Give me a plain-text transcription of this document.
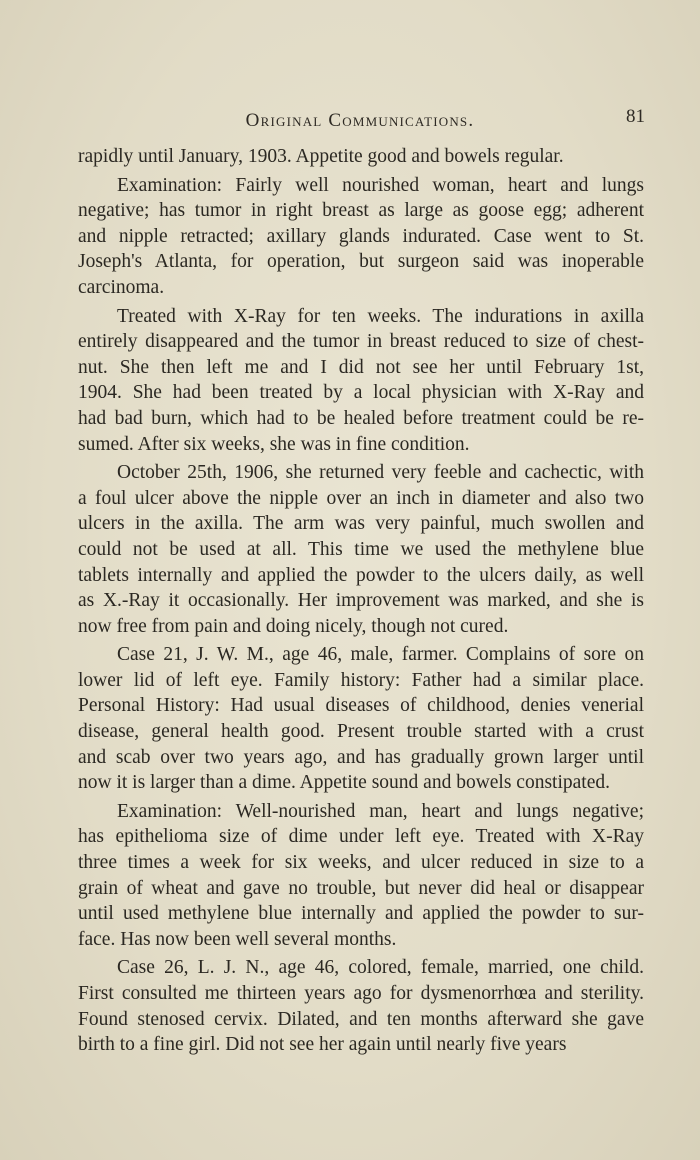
Original Communications.	81
rapidly until January, 1903. Appetite good and bowels regular.
Examination: Fairly well nourished woman, heart and lungs
negative; has tumor in right breast as large as goose egg; adherent
and nipple retracted; axillary glands indurated. Case went to St.
Joseph's Atlanta, for operation, but surgeon said was inoperable
carcinoma.
Treated with X-Ray for ten weeks. The indurations in axilla
entirely disappeared and the tumor in breast reduced to size of chest-
nut. She then left me and I did not see her until February 1st,
1904. She had been treated by a local physician with X-Ray and
had bad burn, which had to be healed before treatment could be re-
sumed. After six weeks, she was in fine condition.
October 25th, 1906, she returned very feeble and cachectic, with
a foul ulcer above the nipple over an inch in diameter and also two
ulcers in the axilla. The arm was very painful, much swollen and
could not be used at all. This time we used the methylene blue
tablets internally and applied the powder to the ulcers daily, as well
as X.-Ray it occasionally. Her improvement was marked, and she is
now free from pain and doing nicely, though not cured.
Case 21, J. W. M., age 46, male, farmer. Complains of sore on
lower lid of left eye. Family history: Father had a similar place.
Personal History: Had usual diseases of childhood, denies venerial
disease, general health good. Present trouble started with a crust
and scab over two years ago, and has gradually grown larger until
now it is larger than a dime. Appetite sound and bowels constipated.
Examination: Well-nourished man, heart and lungs negative;
has epithelioma size of dime under left eye. Treated with X-Ray
three times a week for six weeks, and ulcer reduced in size to a
grain of wheat and gave no trouble, but never did heal or disappear
until used methylene blue internally and applied the powder to sur-
face. Has now been well several months.
Case 26, L. J. N., age 46, colored, female, married, one child.
First consulted me thirteen years ago for dysmenorrhœa and sterility.
Found stenosed cervix. Dilated, and ten months afterward she gave
birth to a fine girl. Did not see her again until nearly five years
